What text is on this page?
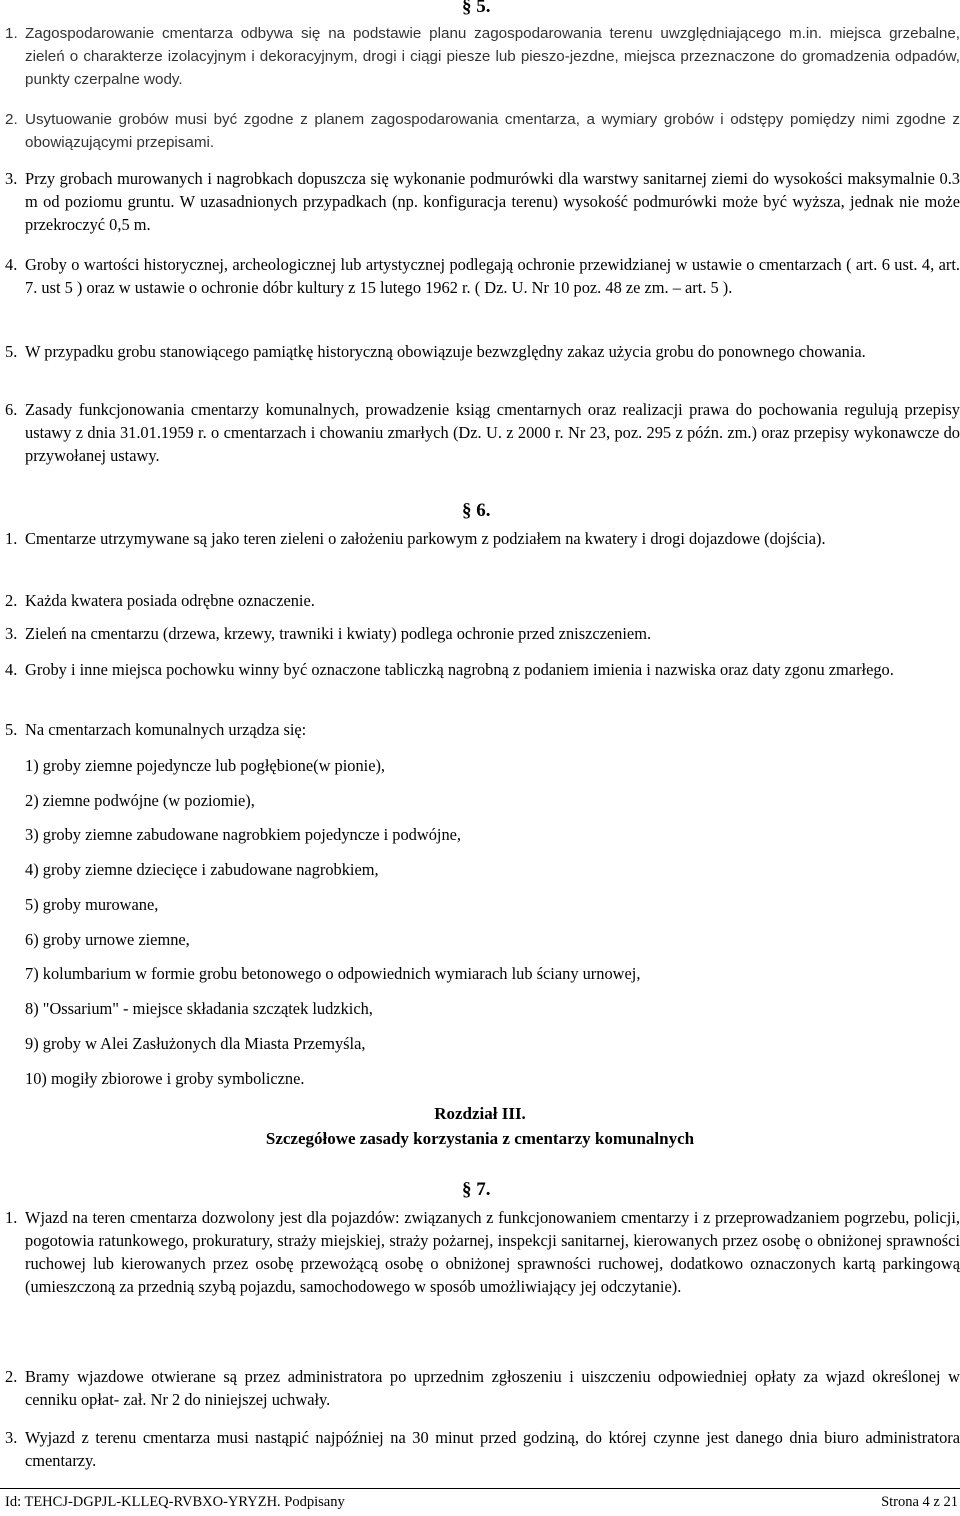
§ 5.
1. Zagospodarowanie cmentarza odbywa się na podstawie planu zagospodarowania terenu uwzględniającego m.in. miejsca grzebalne, zieleń o charakterze izolacyjnym i dekoracyjnym, drogi i ciągi piesze lub pieszo-jezdne, miejsca przeznaczone do gromadzenia odpadów, punkty czerpalne wody.
2. Usytuowanie grobów musi być zgodne z planem zagospodarowania cmentarza, a wymiary grobów i odstępy pomiędzy nimi zgodne z obowiązującymi przepisami.
3. Przy grobach murowanych i nagrobkach dopuszcza się wykonanie podmurówki dla warstwy sanitarnej ziemi do wysokości maksymalnie 0.3 m od poziomu gruntu. W uzasadnionych przypadkach (np. konfiguracja terenu) wysokość podmurówki może być wyższa, jednak nie może przekroczyć 0,5 m.
4. Groby o wartości historycznej, archeologicznej lub artystycznej podlegają ochronie przewidzianej w ustawie o cmentarzach ( art. 6 ust. 4, art. 7. ust 5 ) oraz w ustawie o ochronie dóbr kultury z 15 lutego 1962 r. ( Dz. U. Nr 10 poz. 48 ze zm. – art. 5 ).
5. W przypadku grobu stanowiącego pamiątkę historyczną obowiązuje bezwzględny zakaz użycia grobu do ponownego chowania.
6. Zasady funkcjonowania cmentarzy komunalnych, prowadzenie ksiąg cmentarnych oraz realizacji prawa do pochowania regulują przepisy ustawy z dnia 31.01.1959 r. o cmentarzach i chowaniu zmarłych (Dz. U. z 2000 r. Nr 23, poz. 295 z późn. zm.) oraz przepisy wykonawcze do przywołanej ustawy.
§ 6.
1. Cmentarze utrzymywane są jako teren zieleni o założeniu parkowym z podziałem na kwatery i drogi dojazdowe (dojścia).
2. Każda kwatera posiada odrębne oznaczenie.
3. Zieleń na cmentarzu (drzewa, krzewy, trawniki i kwiaty) podlega ochronie przed zniszczeniem.
4. Groby i inne miejsca pochowku winny być oznaczone tabliczką nagrobną z podaniem imienia i nazwiska oraz daty zgonu zmarłego.
5. Na cmentarzach komunalnych urządza się:
1) groby ziemne pojedyncze lub pogłębione(w pionie),
2) ziemne podwójne (w poziomie),
3) groby ziemne zabudowane nagrobkiem pojedyncze i podwójne,
4) groby ziemne dziecięce i zabudowane nagrobkiem,
5) groby murowane,
6) groby urnowe ziemne,
7) kolumbarium w formie grobu betonowego o odpowiednich wymiarach lub ściany urnowej,
8) "Ossarium" - miejsce składania szczątek ludzkich,
9) groby w Alei Zasłużonych dla Miasta Przemyśla,
10) mogiły zbiorowe i groby symboliczne.
Rozdział III.
Szczegółowe zasady korzystania z cmentarzy komunalnych
§ 7.
1. Wjazd na teren cmentarza dozwolony jest dla pojazdów: związanych z funkcjonowaniem cmentarzy i z przeprowadzaniem pogrzebu, policji, pogotowia ratunkowego, prokuratury, straży miejskiej, straży pożarnej, inspekcji sanitarnej, kierowanych przez osobę o obniżonej sprawności ruchowej lub kierowanych przez osobę przewożącą osobę o obniżonej sprawności ruchowej, dodatkowo oznaczonych kartą parkingową (umieszczoną za przednią szybą pojazdu, samochodowego w sposób umożliwiający jej odczytanie).
2. Bramy wjazdowe otwierane są przez administratora po uprzednim zgłoszeniu i uiszczeniu odpowiedniej opłaty za wjazd określonej w cenniku opłat- zał. Nr 2 do niniejszej uchwały.
3. Wyjazd z terenu cmentarza musi nastąpić najpóźniej na 30 minut przed godziną, do której czynne jest danego dnia biuro administratora cmentarzy.
Id: TEHCJ-DGPJL-KLLEQ-RVBXO-YRYZH. Podpisany	Strona 4 z 21
